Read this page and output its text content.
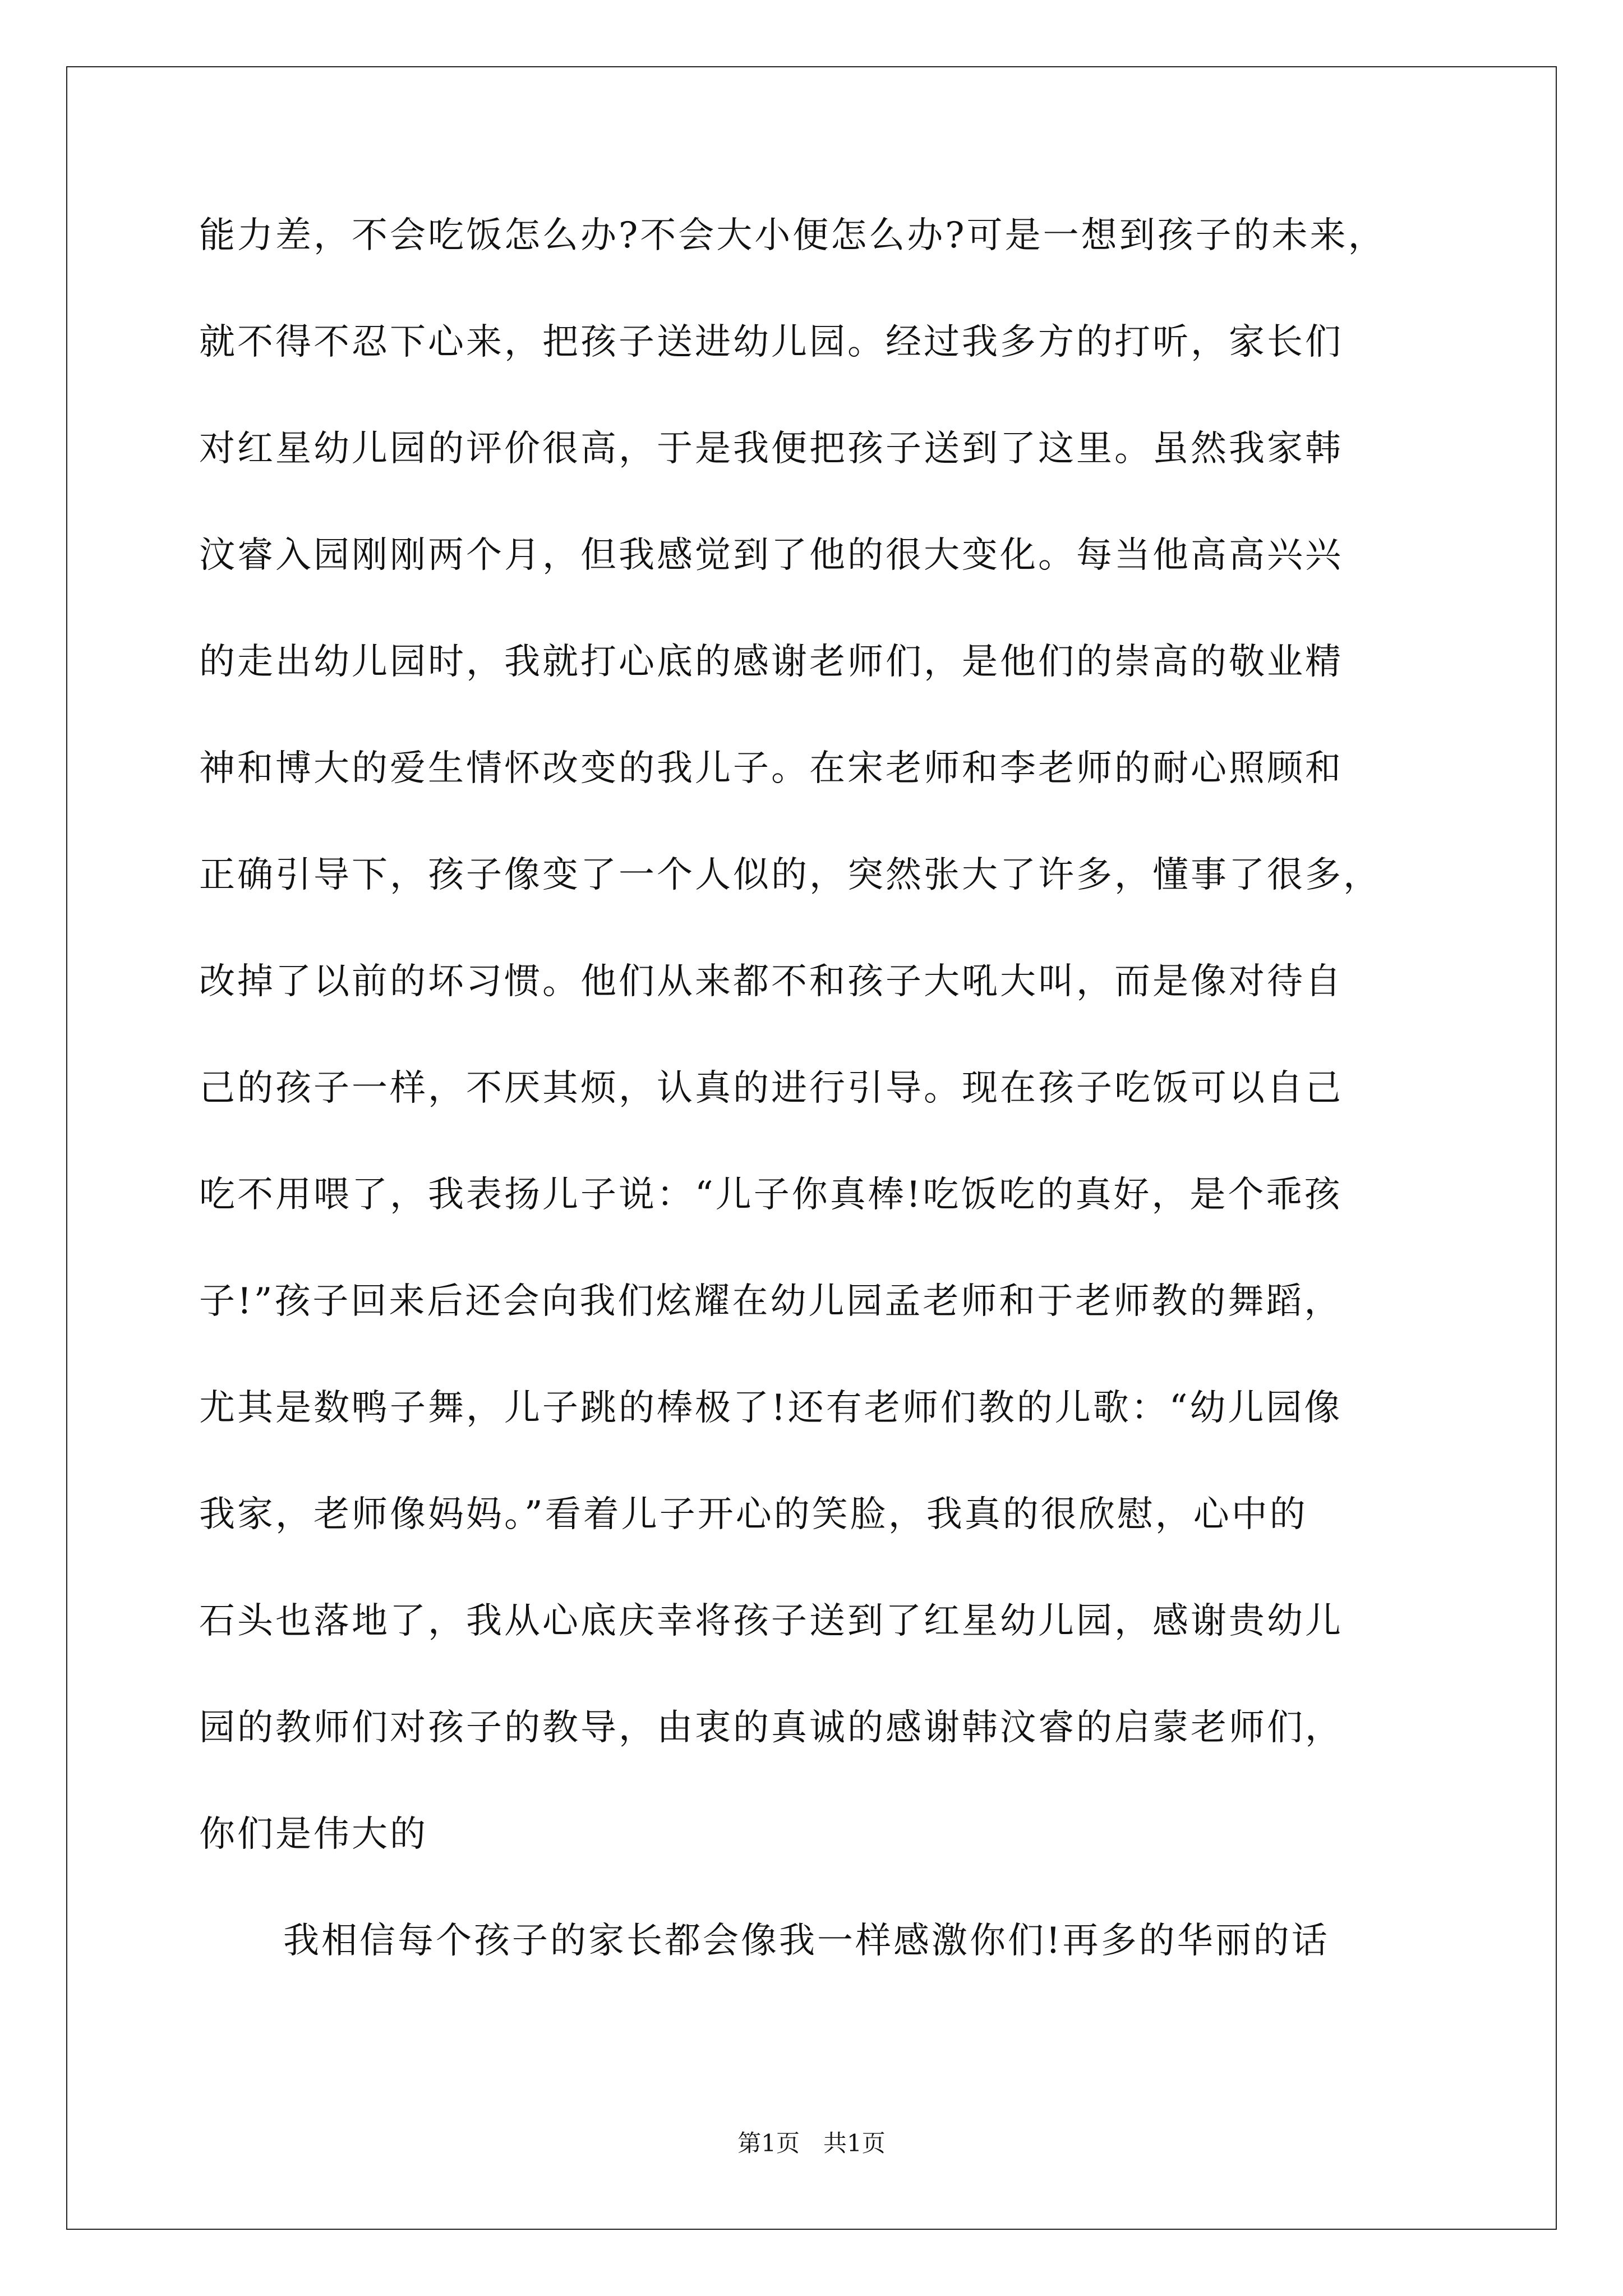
能力差，不会吃饭怎么办?不会大小便怎么办?可是一想到孩子的未来，
就不得不忍下心来，把孩子送进幼儿园。经过我多方的打听，家长们
对红星幼儿园的评价很高，于是我便把孩子送到了这里。虽然我家韩
汶睿入园刚刚两个月，但我感觉到了他的很大变化。每当他高高兴兴
的走出幼儿园时，我就打心底的感谢老师们，是他们的崇高的敬业精
神和博大的爱生情怀改变的我儿子。在宋老师和李老师的耐心照顾和
正确引导下，孩子像变了一个人似的，突然张大了许多，懂事了很多，
改掉了以前的坏习惯。他们从来都不和孩子大吼大叫，而是像对待自
己的孩子一样，不厌其烦，认真的进行引导。现在孩子吃饭可以自己
吃不用喂了，我表扬儿子说：“儿子你真棒!吃饭吃的真好，是个乖孩
子!”孩子回来后还会向我们炫耀在幼儿园孟老师和于老师教的舞蹈，
尤其是数鸭子舞，儿子跳的棒极了!还有老师们教的儿歌：“幼儿园像
我家，老师像妈妈。”看着儿子开心的笑脸，我真的很欣慰，心中的
石头也落地了，我从心底庆幸将孩子送到了红星幼儿园，感谢贵幼儿
园的教师们对孩子的教导，由衷的真诚的感谢韩汶睿的启蒙老师们，
你们是伟大的
我相信每个孩子的家长都会像我一样感激你们!再多的华丽的话
第1页　共1页
